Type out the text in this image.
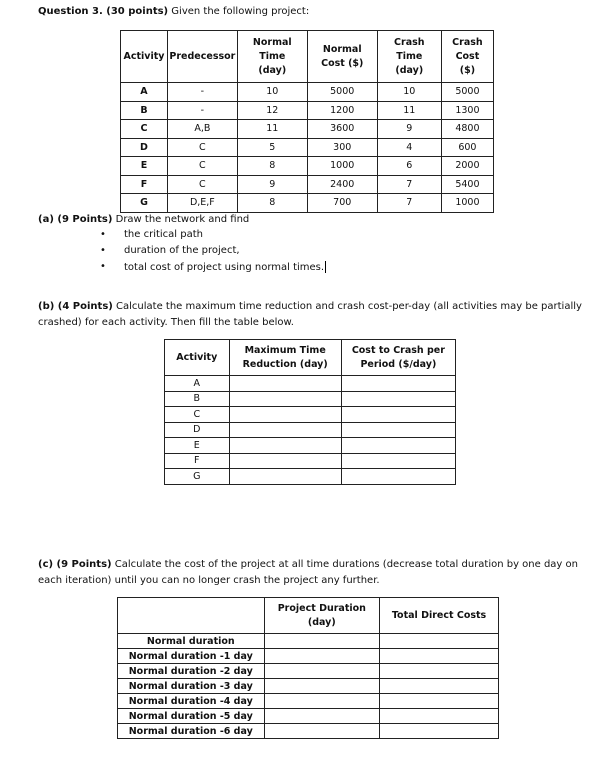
Question 3. (30 points) Given the following project:
Activity	Predecessor	Normal Time (day)	Normal Cost ($)	Crash Time (day)	Crash Cost ($)
A	-	10	5000	10	5000
B	-	12	1200	11	1300
C	A,B	11	3600	9	4800
D	C	5	300	4	600
E	C	8	1000	6	2000
F	C	9	2400	7	5400
G	D,E,F	8	700	7	1000
(a) (9 Points) Draw the network and find
• the critical path
• duration of the project,
• total cost of project using normal times.
(b) (4 Points) Calculate the maximum time reduction and crash cost-per-day (all activities may be partially crashed) for each activity. Then fill the table below.
Activity	Maximum Time Reduction (day)	Cost to Crash per Period ($/day)
A		
B		
C		
D		
E		
F		
G		
(c) (9 Points) Calculate the cost of the project at all time durations (decrease total duration by one day on each iteration) until you can no longer crash the project any further.
	Project Duration (day)	Total Direct Costs
Normal duration		
Normal duration -1 day		
Normal duration -2 day		
Normal duration -3 day		
Normal duration -4 day		
Normal duration -5 day		
Normal duration -6 day		
